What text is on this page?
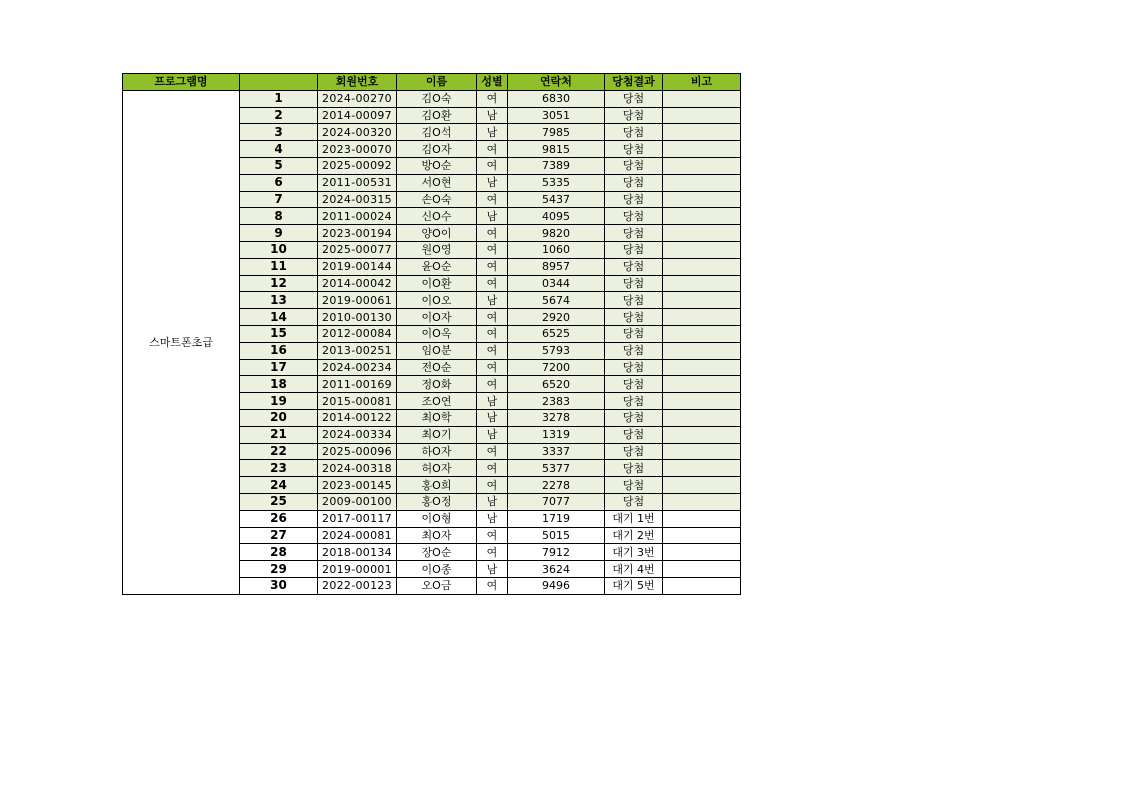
프로그램명		회원번호	이름	성별	연락처	당첨결과	비고
스마트폰초급	1	2024-00270	김O숙	여	6830	당첨	
	2	2014-00097	김O환	남	3051	당첨	
	3	2024-00320	김O석	남	7985	당첨	
	4	2023-00070	김O자	여	9815	당첨	
	5	2025-00092	방O순	여	7389	당첨	
	6	2011-00531	서O현	남	5335	당첨	
	7	2024-00315	손O숙	여	5437	당첨	
	8	2011-00024	신O수	남	4095	당첨	
	9	2023-00194	양O이	여	9820	당첨	
	10	2025-00077	원O영	여	1060	당첨	
	11	2019-00144	윤O순	여	8957	당첨	
	12	2014-00042	이O환	여	0344	당첨	
	13	2019-00061	이O오	남	5674	당첨	
	14	2010-00130	이O자	여	2920	당첨	
	15	2012-00084	이O옥	여	6525	당첨	
	16	2013-00251	임O분	여	5793	당첨	
	17	2024-00234	전O순	여	7200	당첨	
	18	2011-00169	정O화	여	6520	당첨	
	19	2015-00081	조O연	남	2383	당첨	
	20	2014-00122	최O학	남	3278	당첨	
	21	2024-00334	최O기	남	1319	당첨	
	22	2025-00096	하O자	여	3337	당첨	
	23	2024-00318	허O자	여	5377	당첨	
	24	2023-00145	홍O희	여	2278	당첨	
	25	2009-00100	홍O정	남	7077	당첨	
	26	2017-00117	이O형	남	1719	대기 1번	
	27	2024-00081	최O자	여	5015	대기 2번	
	28	2018-00134	장O순	여	7912	대기 3번	
	29	2019-00001	이O종	남	3624	대기 4번	
	30	2022-00123	오O금	여	9496	대기 5번	
